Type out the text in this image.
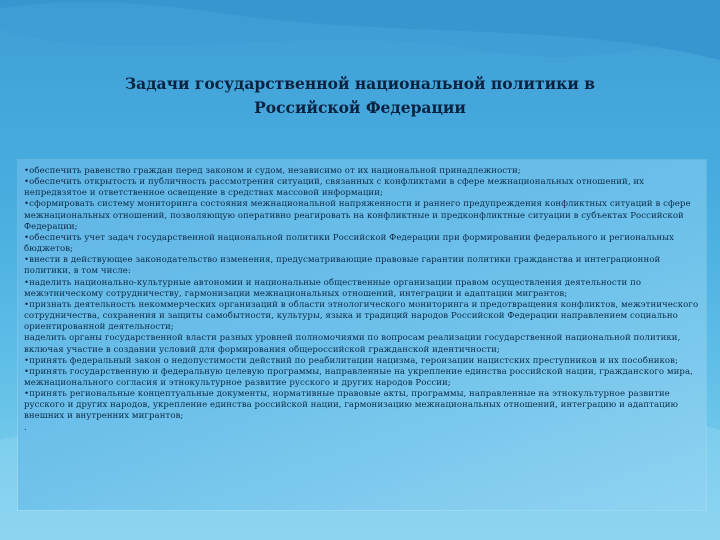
Задачи государственной национальной политики в
Российской Федерации

•обеспечить равенство граждан перед законом и судом, независимо от их национальной принадлежности;

•обеспечить открытость и публичность рассмотрения ситуаций, связанных с конфликтами в сфере межнациональных отношений, их непредвзятое и ответственное освещение в средствах массовой информации;

•сформировать систему мониторинга состояния межнациональной напряженности и раннего предупреждения конфликтных ситуаций в сфере межнациональных отношений, позволяющую оперативно реагировать на конфликтные и предконфликтные ситуации в субъектах Российской Федерации;

•обеспечить учет задач государственной национальной политики Российской Федерации при формировании федерального и региональных бюджетов;

•внести в действующее законодательство изменения, предусматривающие правовые гарантии политики гражданства и интеграционной политики, в том числе:

•наделить национально-культурные автономии и национальные общественные организации правом осуществления деятельности по межэтническому сотрудничеству, гармонизации межнациональных отношений, интеграции и адаптации мигрантов;

•признать деятельность некоммерческих организаций в области этнологического мониторинга и предотвращения конфликтов, межэтнического сотрудничества, сохранения и защиты самобытности, культуры, языка и традиций народов Российской Федерации направлением социально ориентированной деятельности;

наделить органы государственной власти разных уровней полномочиями по вопросам реализации государственной национальной политики, включая участие в создании условий для формирования общероссийской гражданской идентичности;

•принять федеральный закон о недопустимости действий по реабилитации нацизма, героизации нацистских преступников и их пособников;

•принять государственную и федеральную целевую программы, направленные на укрепление единства российской нации, гражданского мира, межнационального согласия и этнокультурное развитие русского и других народов России;

•принять региональные концептуальные документы, нормативные правовые акты, программы, направленные на этнокультурное развитие русского и других народов, укрепление единства российской нации, гармонизацию межнациональных отношений, интеграцию и адаптацию внешних и внутренних мигрантов;

.
